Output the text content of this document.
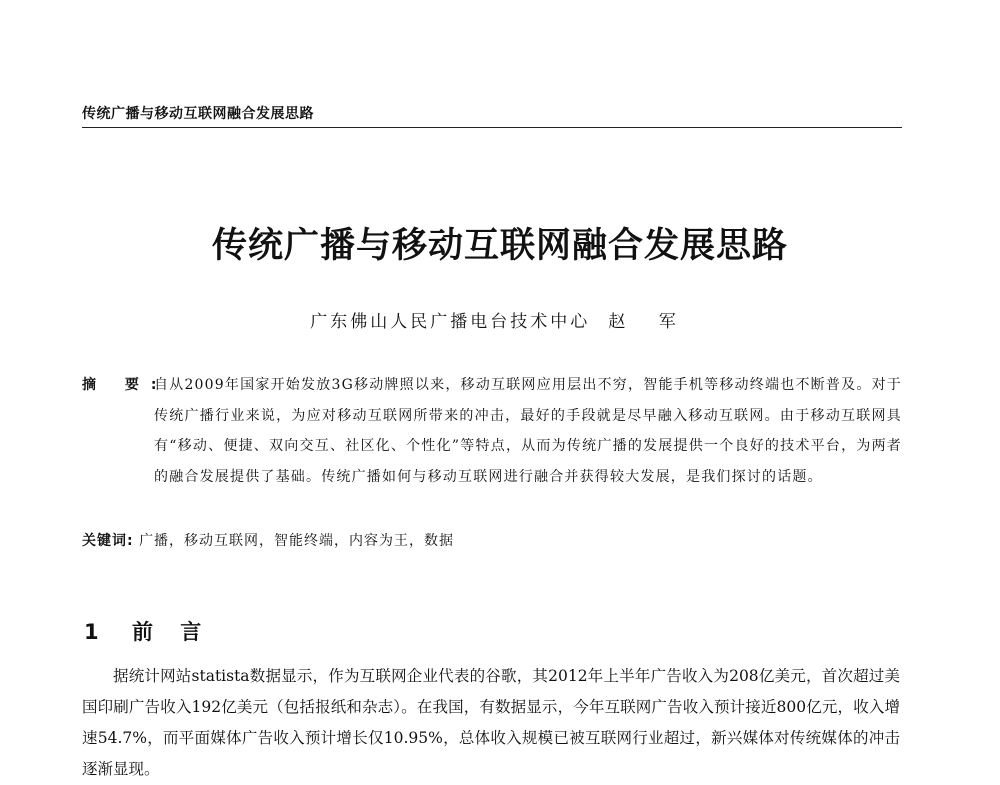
传统广播与移动互联网融合发展思路
传统广播与移动互联网融合发展思路
广东佛山人民广播电台技术中心 赵 军
摘 要:
自从2009年国家开始发放3G移动牌照以来，移动互联网应用层出不穷，智能手机等移动终端也不断普及。对于传统广播行业来说，为应对移动互联网所带来的冲击，最好的手段就是尽早融入移动互联网。由于移动互联网具有“移动、便捷、双向交互、社区化、个性化”等特点，从而为传统广播的发展提供一个良好的技术平台，为两者的融合发展提供了基础。传统广播如何与移动互联网进行融合并获得较大发展，是我们探讨的话题。
关键词: 广播，移动互联网，智能终端，内容为王，数据
1 前 言
据统计网站statista数据显示，作为互联网企业代表的谷歌，其2012年上半年广告收入为208亿美元，首次超过美国印刷广告收入192亿美元（包括报纸和杂志）。在我国，有数据显示，今年互联网广告收入预计接近800亿元，收入增速54.7%，而平面媒体广告收入预计增长仅10.95%，总体收入规模已被互联网行业超过，新兴媒体对传统媒体的冲击逐渐显现。
